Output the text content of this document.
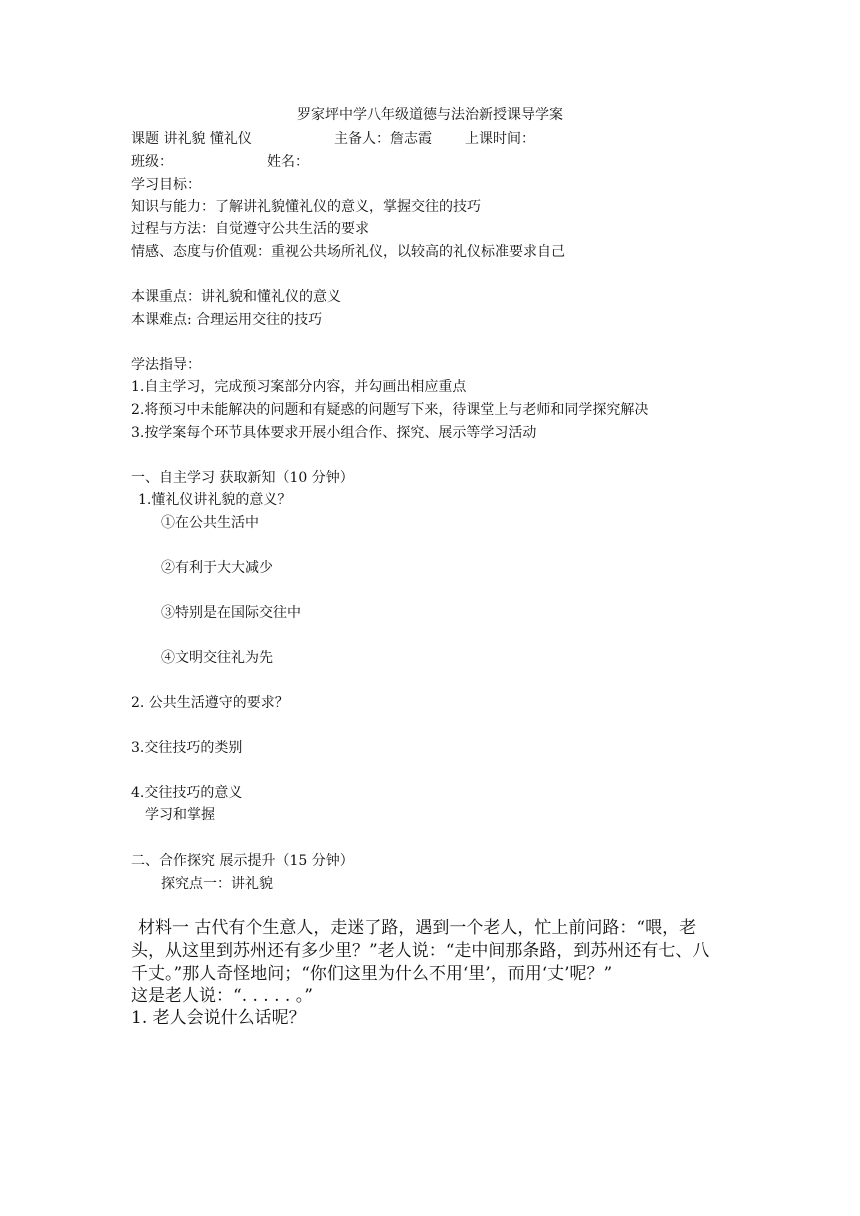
罗家坪中学八年级道德与法治新授课导学案
课题 讲礼貌 懂礼仪	主备人：詹志霞 上课时间：
班级：	姓名：
学习目标：
知识与能力：了解讲礼貌懂礼仪的意义，掌握交往的技巧
过程与方法：自觉遵守公共生活的要求
情感、态度与价值观：重视公共场所礼仪，以较高的礼仪标准要求自己
本课重点：讲礼貌和懂礼仪的意义
本课难点: 合理运用交往的技巧
学法指导：
1.自主学习，完成预习案部分内容，并勾画出相应重点
2.将预习中未能解决的问题和有疑惑的问题写下来，待课堂上与老师和同学探究解决
3.按学案每个环节具体要求开展小组合作、探究、展示等学习活动
一、自主学习 获取新知（10 分钟）
1.懂礼仪讲礼貌的意义？
①在公共生活中
②有利于大大减少
③特别是在国际交往中
④文明交往礼为先
2. 公共生活遵守的要求？
3.交往技巧的类别
4.交往技巧的意义
学习和掌握
二、合作探究 展示提升（15 分钟）
探究点一：讲礼貌
材料一 古代有个生意人，走迷了路，遇到一个老人，忙上前问路：“喂，老
头，从这里到苏州还有多少里？”老人说：“走中间那条路，到苏州还有七、八
千丈。”那人奇怪地问；“你们这里为什么不用‘里’，而用‘丈’呢？”
这是老人说：“. . . . . 。”
1. 老人会说什么话呢？
